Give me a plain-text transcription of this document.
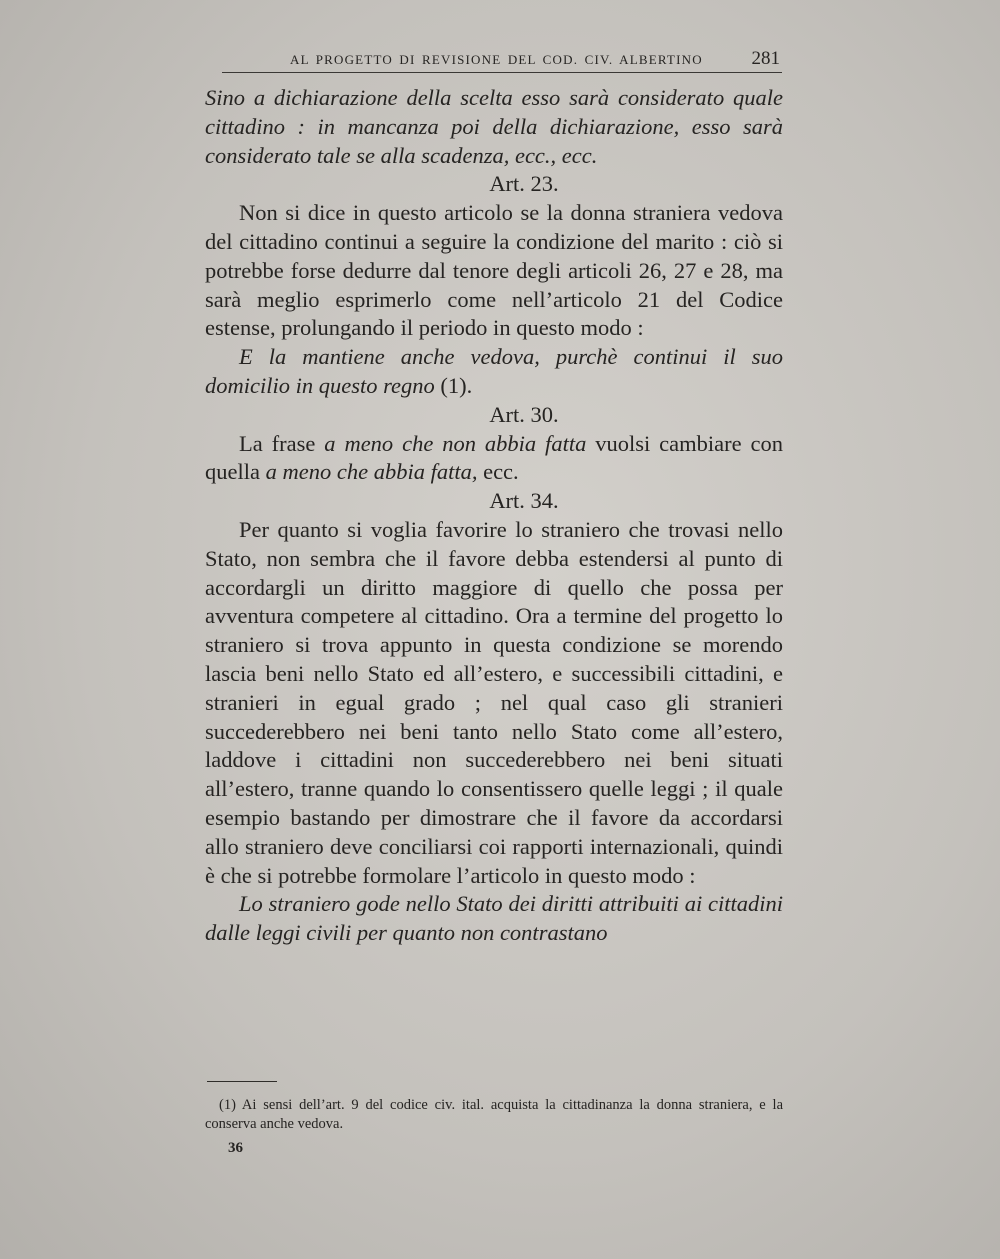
AL PROGETTO DI REVISIONE DEL COD. CIV. ALBERTINO	281

Sino a dichiarazione della scelta esso sarà considerato quale cittadino : in mancanza poi della dichiarazione, esso sarà considerato tale se alla scadenza, ecc., ecc.

Art. 23.

Non si dice in questo articolo se la donna straniera vedova del cittadino continui a seguire la condizione del marito : ciò si potrebbe forse dedurre dal tenore degli articoli 26, 27 e 28, ma sarà meglio esprimerlo come nell’articolo 21 del Codice estense, prolungando il periodo in questo modo :

E la mantiene anche vedova, purchè continui il suo domicilio in questo regno (1).

Art. 30.

La frase a meno che non abbia fatta vuolsi cambiare con quella a meno che abbia fatta, ecc.

Art. 34.

Per quanto si voglia favorire lo straniero che trovasi nello Stato, non sembra che il favore debba estendersi al punto di accordargli un diritto maggiore di quello che possa per avventura competere al cittadino. Ora a termine del progetto lo straniero si trova appunto in questa condizione se morendo lascia beni nello Stato ed all’estero, e successibili cittadini, e stranieri in egual grado ; nel qual caso gli stranieri succederebbero nei beni tanto nello Stato come all’estero, laddove i cittadini non succederebbero nei beni situati all’estero, tranne quando lo consentissero quelle leggi ; il quale esempio bastando per dimostrare che il favore da accordarsi allo straniero deve conciliarsi coi rapporti internazionali, quindi è che si potrebbe formolare l’articolo in questo modo :

Lo straniero gode nello Stato dei diritti attribuiti ai cittadini dalle leggi civili per quanto non contrastano

(1) Ai sensi dell’art. 9 del codice civ. ital. acquista la cittadinanza la donna straniera, e la conserva anche vedova.

36
